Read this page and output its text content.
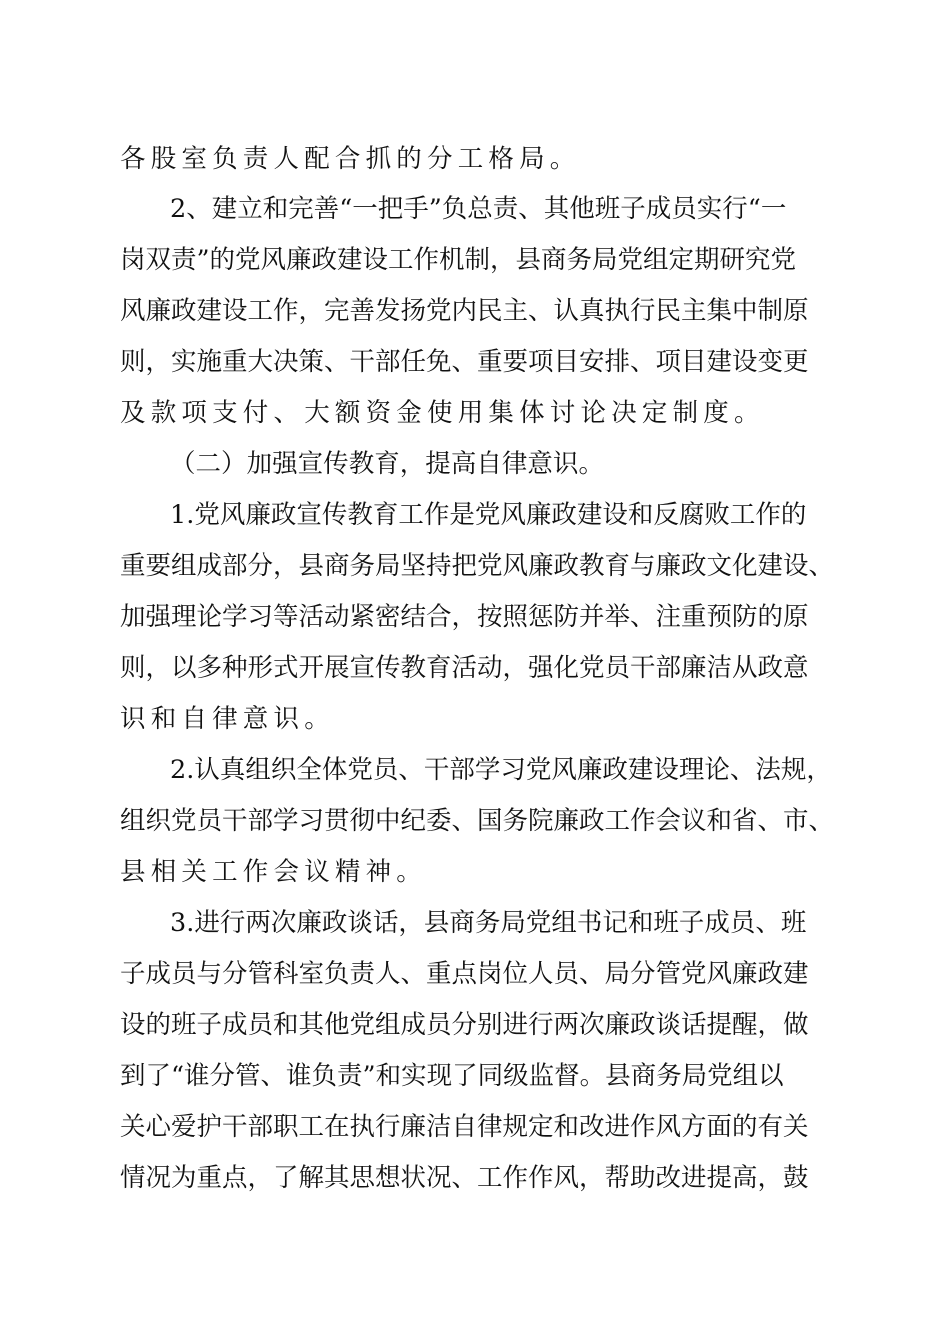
各股室负责人配合抓的分工格局。
2、建立和完善“一把手”负总责、其他班子成员实行“一
岗双责”的党风廉政建设工作机制，县商务局党组定期研究党
风廉政建设工作，完善发扬党内民主、认真执行民主集中制原
则，实施重大决策、干部任免、重要项目安排、项目建设变更
及款项支付、大额资金使用集体讨论决定制度。
（二）加强宣传教育，提高自律意识。
1.党风廉政宣传教育工作是党风廉政建设和反腐败工作的
重要组成部分，县商务局坚持把党风廉政教育与廉政文化建设、
加强理论学习等活动紧密结合，按照惩防并举、注重预防的原
则，以多种形式开展宣传教育活动，强化党员干部廉洁从政意
识和自律意识。
2.认真组织全体党员、干部学习党风廉政建设理论、法规，
组织党员干部学习贯彻中纪委、国务院廉政工作会议和省、市、
县相关工作会议精神。
3.进行两次廉政谈话，县商务局党组书记和班子成员、班
子成员与分管科室负责人、重点岗位人员、局分管党风廉政建
设的班子成员和其他党组成员分别进行两次廉政谈话提醒，做
到了“谁分管、谁负责”和实现了同级监督。县商务局党组以
关心爱护干部职工在执行廉洁自律规定和改进作风方面的有关
情况为重点，了解其思想状况、工作作风，帮助改进提高，鼓
